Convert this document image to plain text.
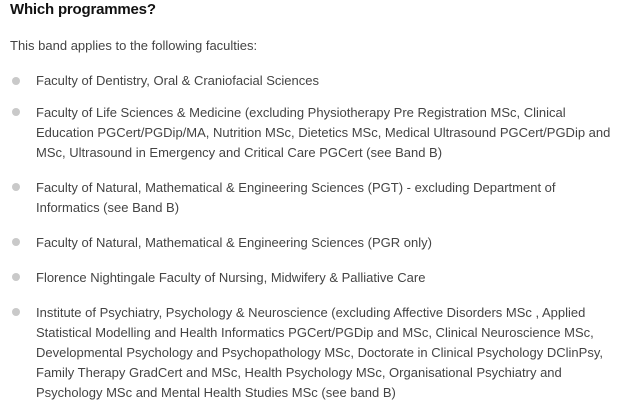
Which programmes?

This band applies to the following faculties:

Faculty of Dentistry, Oral & Craniofacial Sciences
Faculty of Life Sciences & Medicine (excluding Physiotherapy Pre Registration MSc, Clinical Education PGCert/PGDip/MA, Nutrition MSc, Dietetics MSc, Medical Ultrasound PGCert/PGDip and MSc, Ultrasound in Emergency and Critical Care PGCert (see Band B)
Faculty of Natural, Mathematical & Engineering Sciences (PGT) - excluding Department of Informatics (see Band B)
Faculty of Natural, Mathematical & Engineering Sciences (PGR only)
Florence Nightingale Faculty of Nursing, Midwifery & Palliative Care
Institute of Psychiatry, Psychology & Neuroscience (excluding Affective Disorders MSc , Applied Statistical Modelling and Health Informatics PGCert/PGDip and MSc, Clinical Neuroscience MSc, Developmental Psychology and Psychopathology MSc, Doctorate in Clinical Psychology DClinPsy, Family Therapy GradCert and MSc, Health Psychology MSc, Organisational Psychiatry and Psychology MSc and Mental Health Studies MSc (see band B)
